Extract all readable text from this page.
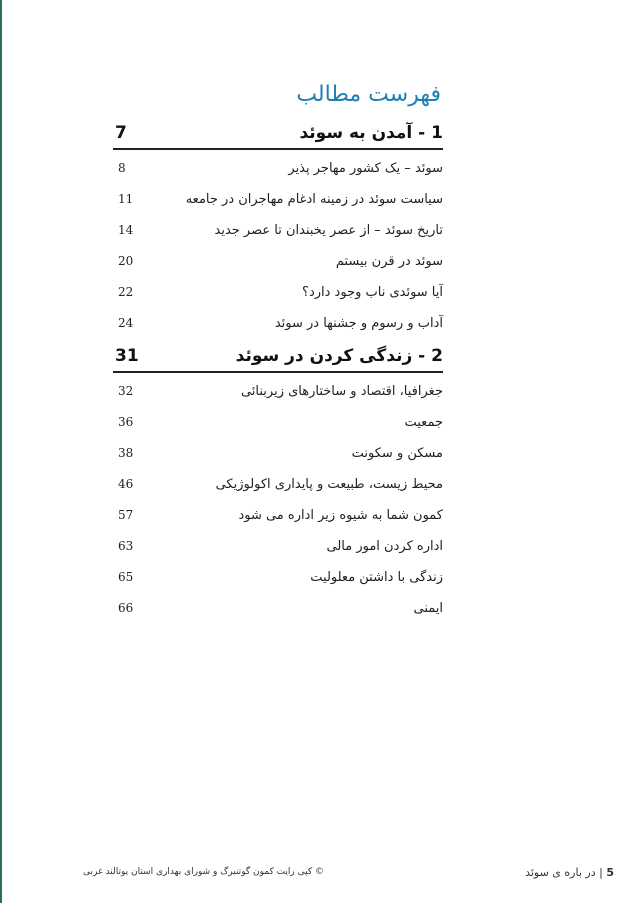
فهرست مطالب
1 - آمدن به سوئد
7
سوئد – یک کشور مهاجر پذیر
8
سیاست سوئد در زمینه ادغام مهاجران در جامعه
11
تاریخ سوئد – از عصر یخبندان تا عصر جدید
14
سوئد در قرن بیستم
20
آیا سوئدی ناب وجود دارد؟
22
آداب و رسوم و جشنها در سوئد
24
2 - زندگی کردن در سوئد
31
جغرافیا، اقتصاد و ساختارهای زیربنائی
32
جمعیت
36
مسکن و سکونت
38
محیط زیست، طبیعت و پایداری اکولوژیکی
46
کمون شما به شیوه زیر اداره می شود
57
اداره کردن امور مالی
63
زندگی با داشتن معلولیت
65
ایمنی
66
5 | در باره ی سوئد
© کپی رایت کمون گوتنبرگ و شورای بهداری استان یوتالند غربی
